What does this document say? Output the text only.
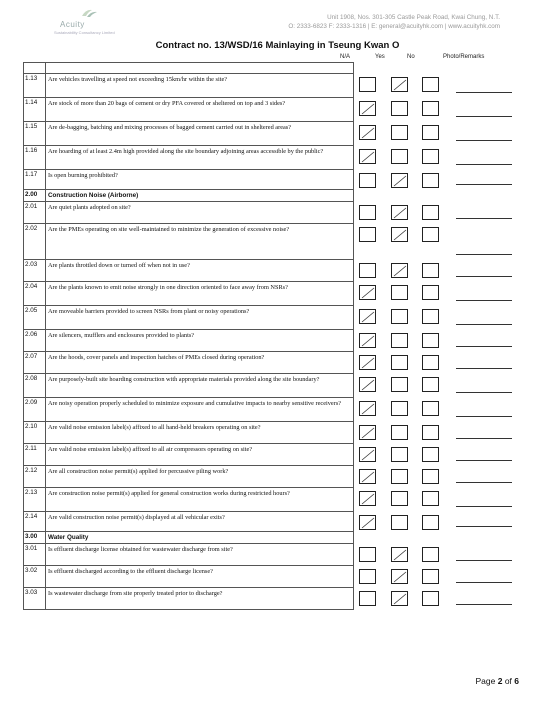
Acuity
Sustainability Consultancy Limited
Unit 1908, Nos. 301-305 Castle Peak Road, Kwai Chung, N.T.
O: 2333-6823 F: 2333-1316 | E: general@acuityhk.com | www.acuityhk.com
Contract no. 13/WSD/16 Mainlaying in Tseung Kwan O
N/A	Yes	No	Photo/Remarks

1.13	Are vehicles travelling at speed not exceeding 15km/hr within the site?	

1.14	Are stock of more than 20 bags of cement or dry PFA covered or sheltered on top and 3 sides?	

1.15	Are de-bagging, batching and mixing processes of bagged cement carried out in sheltered areas?	

1.16	Are hoarding of at least 2.4m high provided along the site boundary adjoining areas accessible by the public?	

1.17	Is open burning prohibited?	

2.00	Construction Noise (Airborne)		
2.01	Are quiet plants adopted on site?	

2.02	Are the PMEs operating on site well-maintained to minimize the generation of excessive noise?	

2.03	Are plants throttled down or turned off when not in use?	

2.04	Are the plants known to emit noise strongly in one direction oriented to face away from NSRs?	

2.05	Are moveable barriers provided to screen NSRs from plant or noisy operations?	

2.06	Are silencers, mufflers and enclosures provided to plants?	

2.07	Are the hoods, cover panels and inspection hatches of PMEs closed during operation?	

2.08	Are purposely-built site hoarding construction with appropriate materials provided along the site boundary?	

2.09	Are noisy operation properly scheduled to minimize exposure and cumulative impacts to nearby sensitive receivers?	

2.10	Are valid noise emission label(s) affixed to all hand-held breakers operating on site?	

2.11	Are valid noise emission label(s) affixed to all air compressors operating on site?	

2.12	Are all construction noise permit(s) applied for percussive piling work?	

2.13	Are construction noise permit(s) applied for general construction works during restricted hours?	

2.14	Are valid construction noise permit(s) displayed at all vehicular exits?	

3.00	Water Quality		
3.01	Is effluent discharge license obtained for wastewater discharge from site?	

3.02	Is effluent discharged according to the effluent discharge license?	

3.03	Is wastewater discharge from site properly treated prior to discharge?	

Page 2 of 6
